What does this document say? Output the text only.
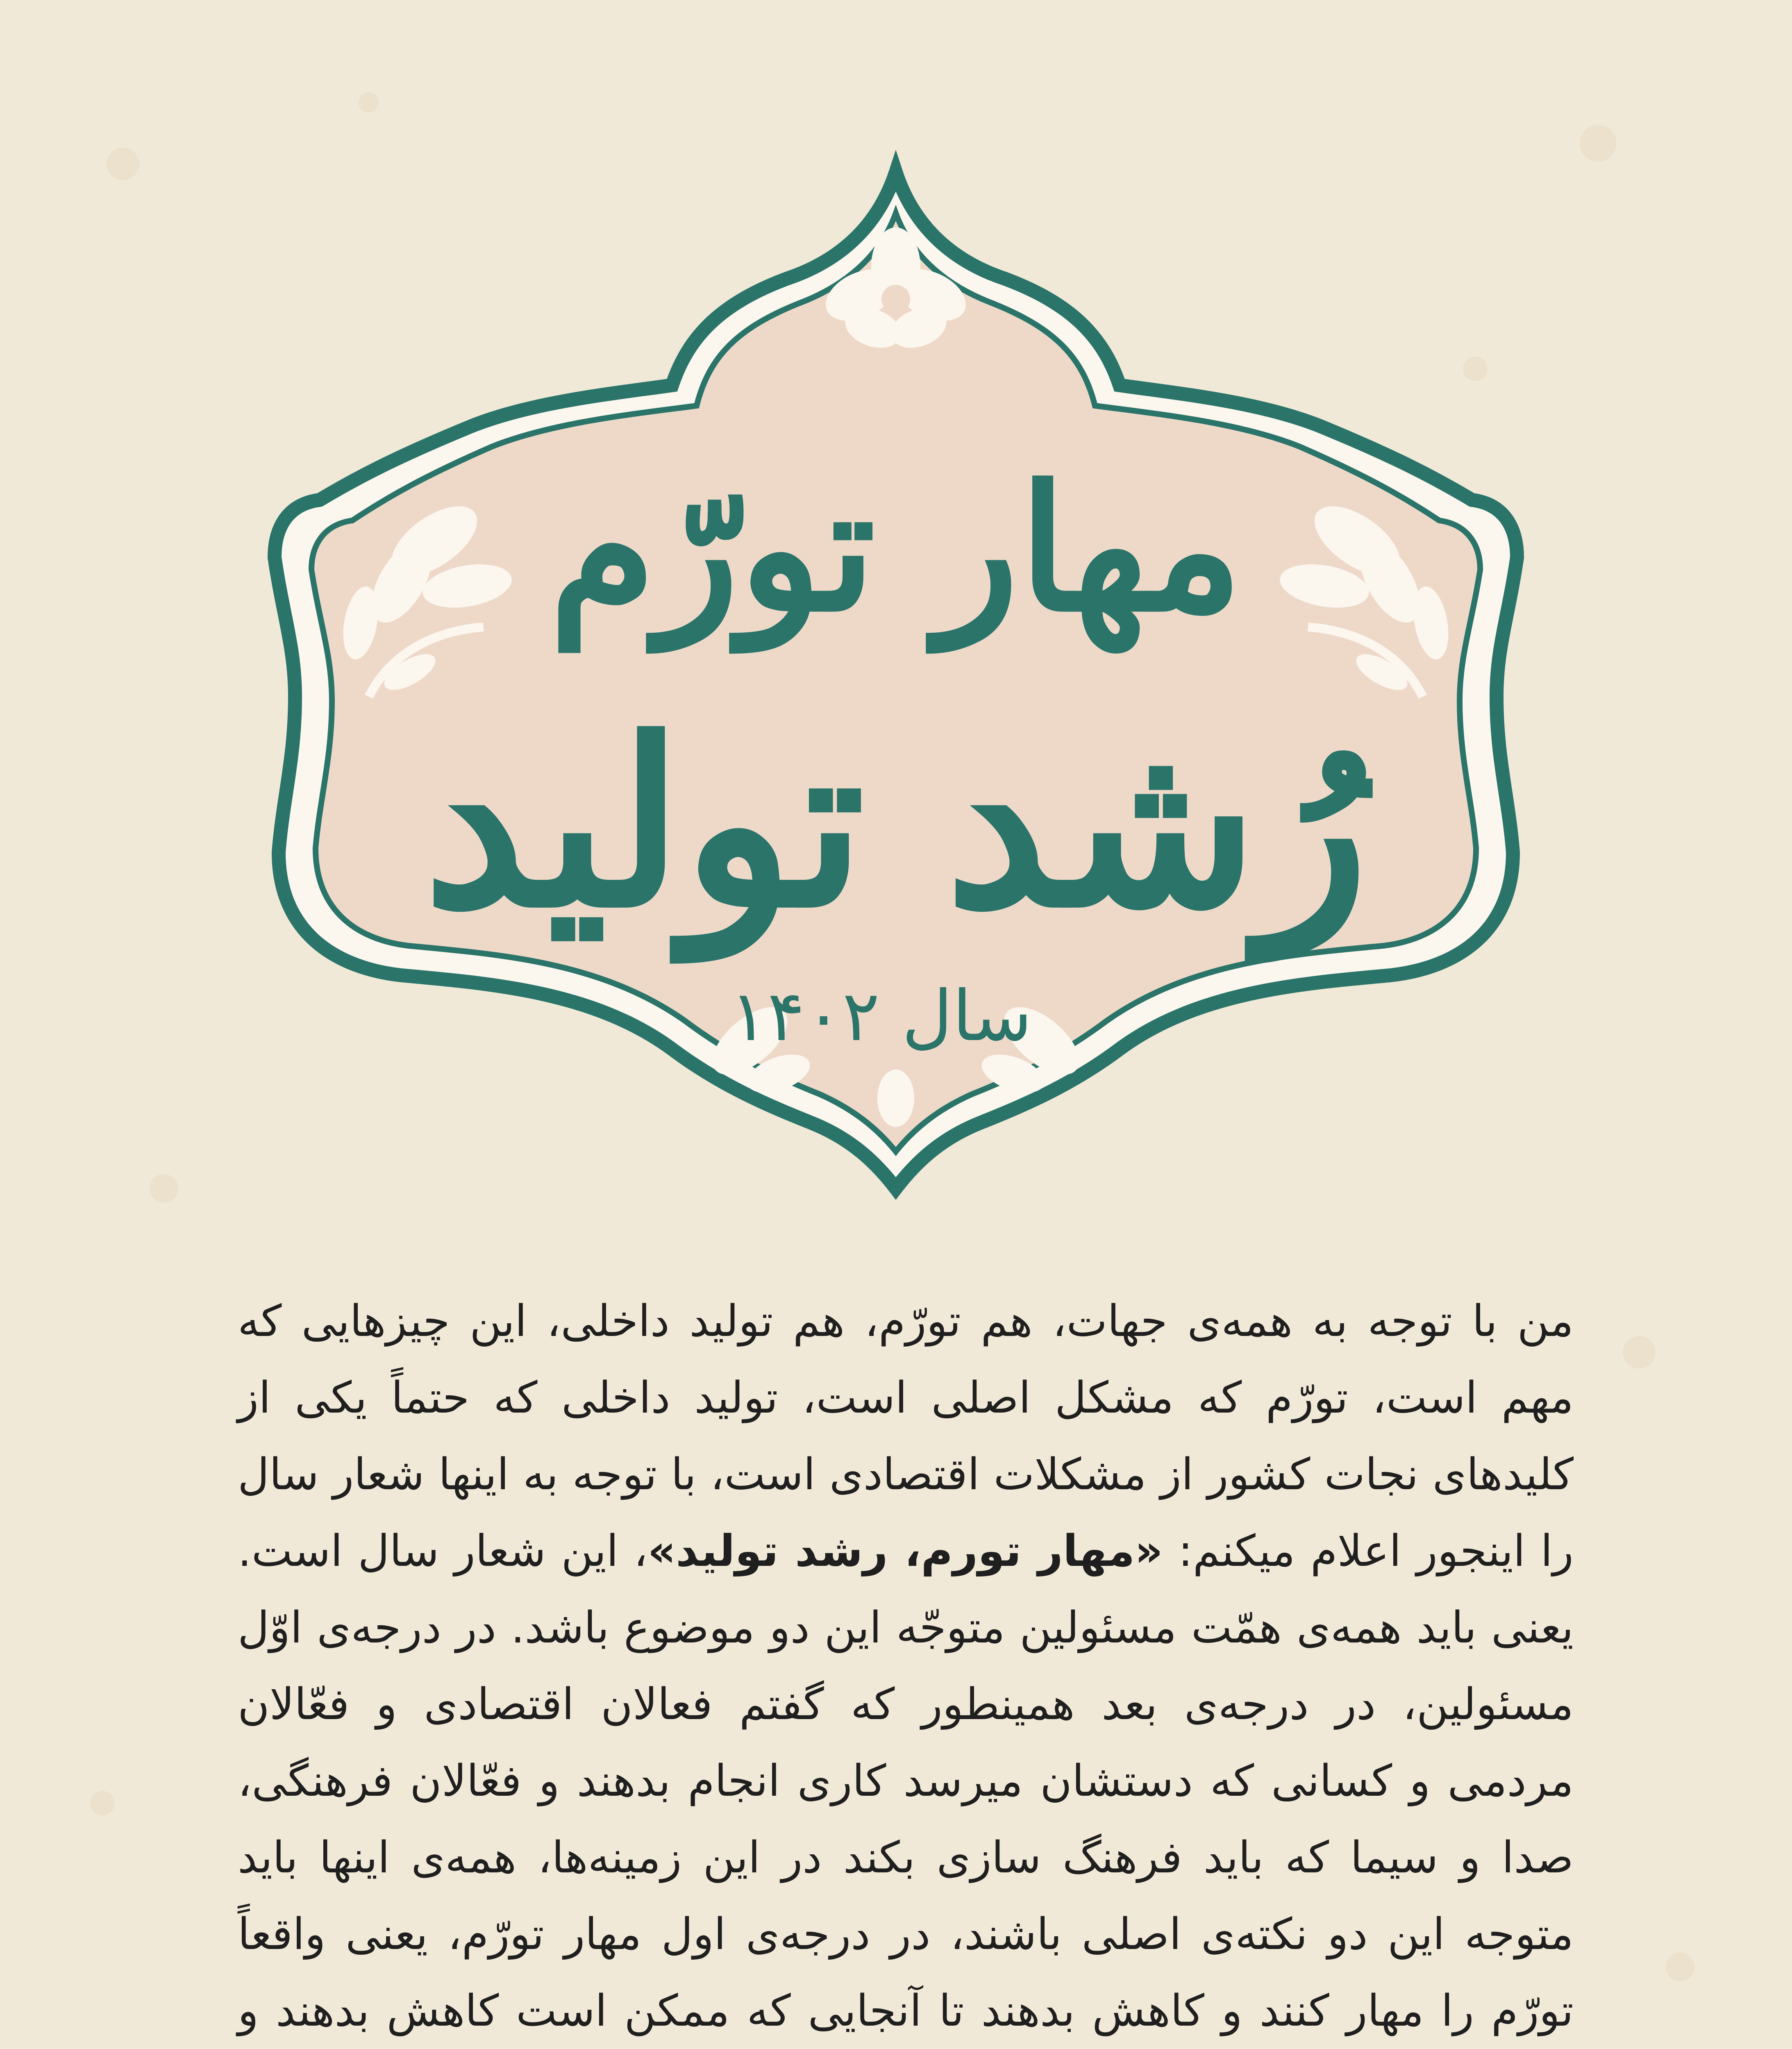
مهار تورّم
رُشد تولید
سال ۱۴۰۲
من با توجه به همه‌ی جهات، هم تورّم، هم تولید داخلی، این چیزهایی که مهم است، تورّم که مشکل اصلی است، تولید داخلی که حتماً یکی از کلیدهای نجات کشور از مشکلات اقتصادی است، با توجه به اینها شعار سال را اینجور اعلام میکنم: «مهار تورم، رشد تولید»، این شعار سال است. یعنی باید همه‌ی همّت مسئولین متوجّه این دو موضوع باشد. در درجه‌ی اوّل مسئولین، در درجه‌ی بعد همینطور که گفتم فعالان اقتصادی و فعّالان مردمی و کسانی که دستشان میرسد کاری انجام بدهند و فعّالان فرهنگی، صدا و سیما که باید فرهنگ سازی بکند در این زمینه‌ها، همه‌ی اینها باید متوجه این دو نکته‌ی اصلی باشند، در درجه‌ی اول مهار تورّم، یعنی واقعاً تورّم را مهار کنند و کاهش بدهند تا آنجایی که ممکن است کاهش بدهند و
